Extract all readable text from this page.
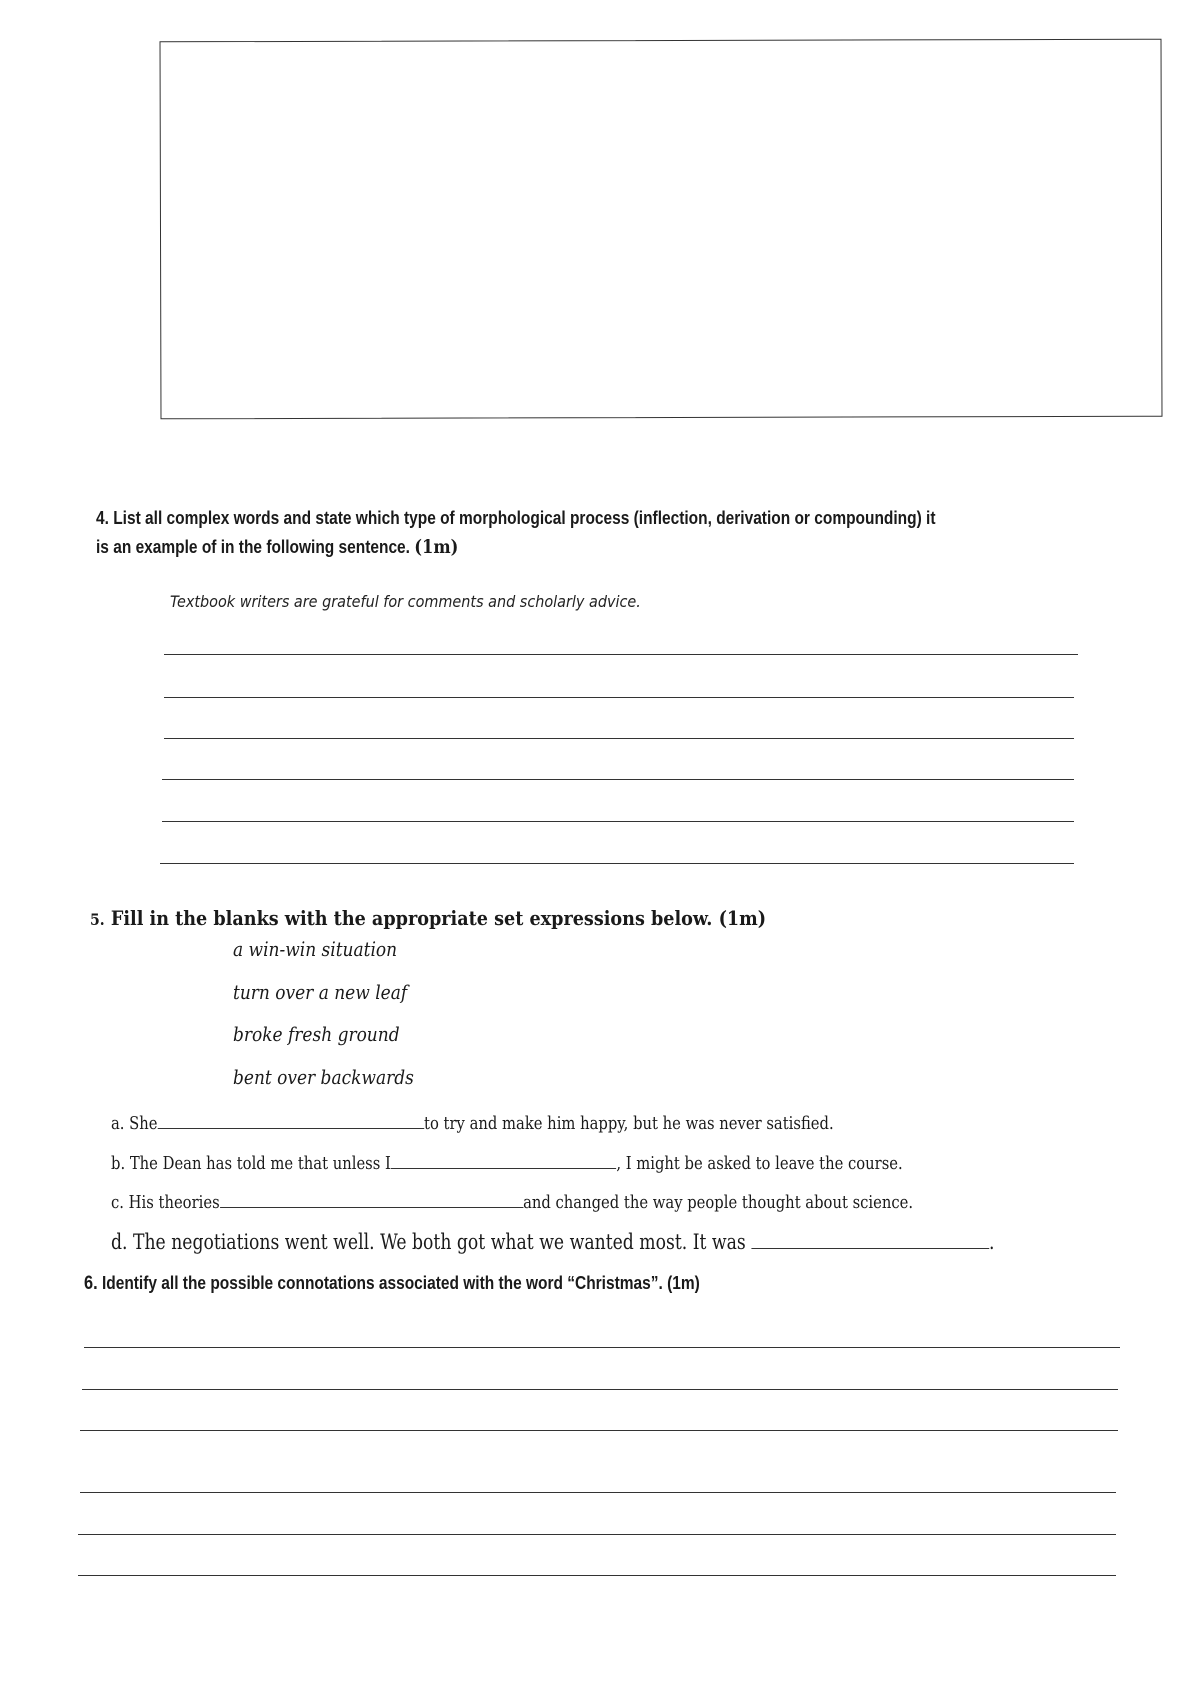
4. List all complex words and state which type of morphological process (inflection, derivation or compounding) it
is an example of in the following sentence. (1m)
Textbook writers are grateful for comments and scholarly advice.
5. Fill in the blanks with the appropriate set expressions below. (1m)
a win-win situation
turn over a new leaf
broke fresh ground
bent over backwards
a. She	to try and make him happy, but he was never satisfied.
b. The Dean has told me that unless I	, I might be asked to leave the course.
c. His theories	and changed the way people thought about science.
d. The negotiations went well. We both got what we wanted most. It was	.
6. Identify all the possible connotations associated with the word “Christmas”. (1m)
